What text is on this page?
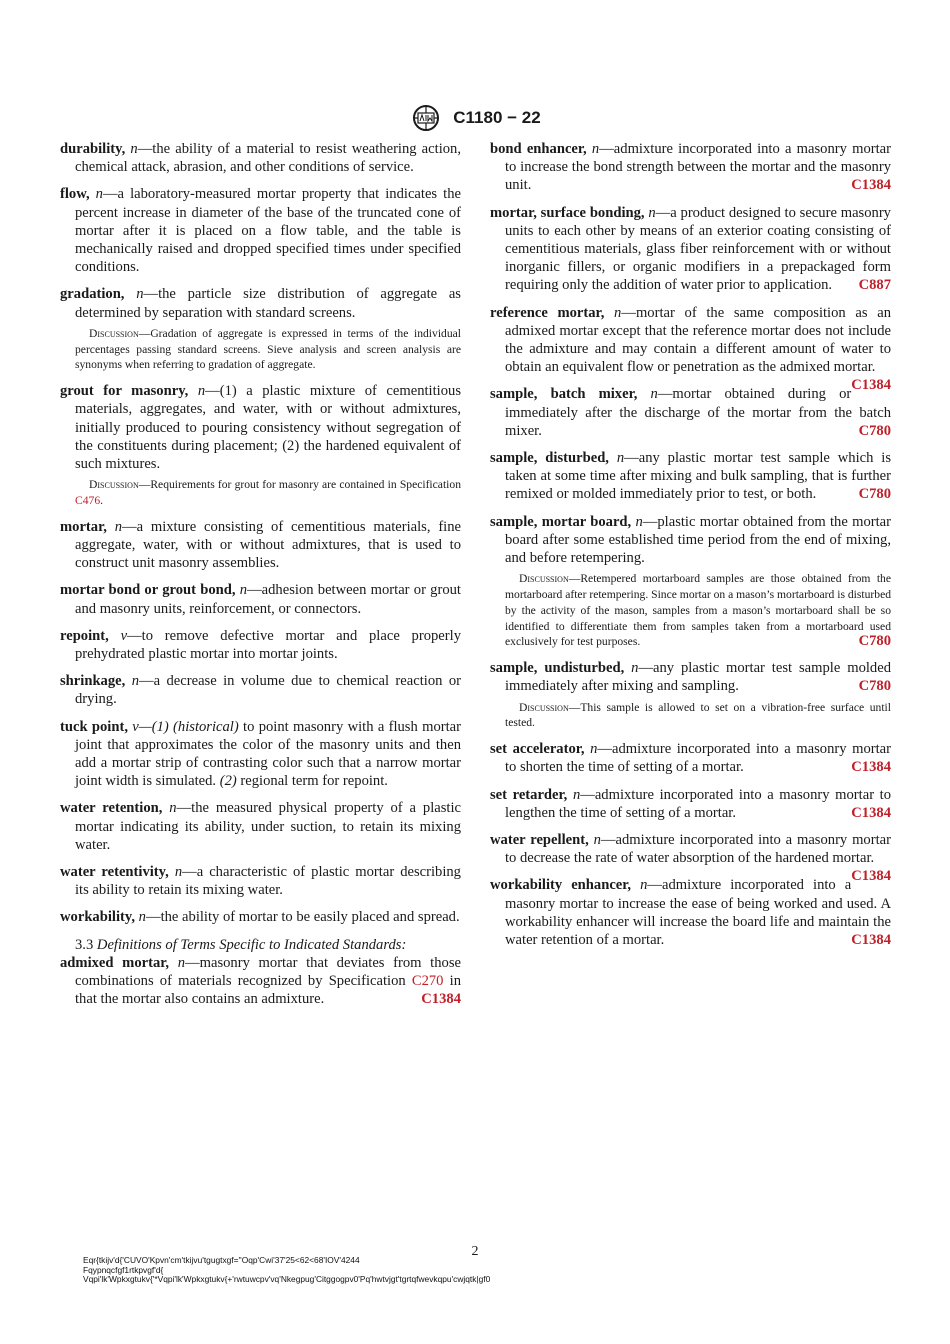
C1180 − 22

durability, n—the ability of a material to resist weathering action, chemical attack, abrasion, and other conditions of service.

flow, n—a laboratory-measured mortar property that indicates the percent increase in diameter of the base of the truncated cone of mortar after it is placed on a flow table, and the table is mechanically raised and dropped specified times under specified conditions.

gradation, n—the particle size distribution of aggregate as determined by separation with standard screens.

Discussion—Gradation of aggregate is expressed in terms of the individual percentages passing standard screens. Sieve analysis and screen analysis are synonyms when referring to gradation of aggregate.

grout for masonry, n—(1) a plastic mixture of cementitious materials, aggregates, and water, with or without admixtures, initially produced to pouring consistency without segregation of the constituents during placement; (2) the hardened equivalent of such mixtures.

Discussion—Requirements for grout for masonry are contained in Specification C476.

mortar, n—a mixture consisting of cementitious materials, fine aggregate, water, with or without admixtures, that is used to construct unit masonry assemblies.

mortar bond or grout bond, n—adhesion between mortar or grout and masonry units, reinforcement, or connectors.

repoint, v—to remove defective mortar and place properly prehydrated plastic mortar into mortar joints.

shrinkage, n—a decrease in volume due to chemical reaction or drying.

tuck point, v—(1) (historical) to point masonry with a flush mortar joint that approximates the color of the masonry units and then add a mortar strip of contrasting color such that a narrow mortar joint width is simulated. (2) regional term for repoint.

water retention, n—the measured physical property of a plastic mortar indicating its ability, under suction, to retain its mixing water.

water retentivity, n—a characteristic of plastic mortar describing its ability to retain its mixing water.

workability, n—the ability of mortar to be easily placed and spread.

3.3 Definitions of Terms Specific to Indicated Standards:

admixed mortar, n—masonry mortar that deviates from those combinations of materials recognized by Specification C270 in that the mortar also contains an admixture.	C1384

bond enhancer, n—admixture incorporated into a masonry mortar to increase the bond strength between the mortar and the masonry unit.	C1384

mortar, surface bonding, n—a product designed to secure masonry units to each other by means of an exterior coating consisting of cementitious materials, glass fiber reinforcement with or without inorganic fillers, or organic modifiers in a prepackaged form requiring only the addition of water prior to application. C887

reference mortar, n—mortar of the same composition as an admixed mortar except that the reference mortar does not include the admixture and may contain a different amount of water to obtain an equivalent flow or penetration as the admixed mortar.
C1384

sample, batch mixer, n—mortar obtained during or immediately after the discharge of the mortar from the batch mixer.	C780

sample, disturbed, n—any plastic mortar test sample which is taken at some time after mixing and bulk sampling, that is further remixed or molded immediately prior to test, or both.	C780

sample, mortar board, n—plastic mortar obtained from the mortar board after some established time period from the end of mixing, and before retempering.

Discussion—Retempered mortarboard samples are those obtained from the mortarboard after retempering. Since mortar on a mason’s mortarboard is disturbed by the activity of the mason, samples from a mason’s mortarboard shall be so identified to differentiate them from samples taken from a mortarboard used exclusively for test purposes.	C780

sample, undisturbed, n—any plastic mortar test sample molded immediately after mixing and sampling.	C780

Discussion—This sample is allowed to set on a vibration-free surface until tested.

set accelerator, n—admixture incorporated into a masonry mortar to shorten the time of setting of a mortar.	C1384

set retarder, n—admixture incorporated into a masonry mortar to lengthen the time of setting of a mortar.	C1384

water repellent, n—admixture incorporated into a masonry mortar to decrease the rate of water absorption of the hardened mortar.
C1384

workability enhancer, n—admixture incorporated into a masonry mortar to increase the ease of being worked and used. A workability enhancer will increase the board life and maintain the water retention of a mortar.	C1384

2
Eqr{tkijv'd{'CUVO'Kpvn'cm'tkijvu'tgugtxgf=''Oqp'Cwi'37'25<62<68'IOV'4244
Fqypnqcfgf1rtkpvgf'd{
Vqpi'lk'Wpkxgtukv{'*Vqpi'lk'Wpkxgtukv{+'rwtuwcpv'vq'Nkegpug'Citggogpv0'Pq'hwtvjgt'tgrtqfwevkqpu'cwjqtk|gf0
